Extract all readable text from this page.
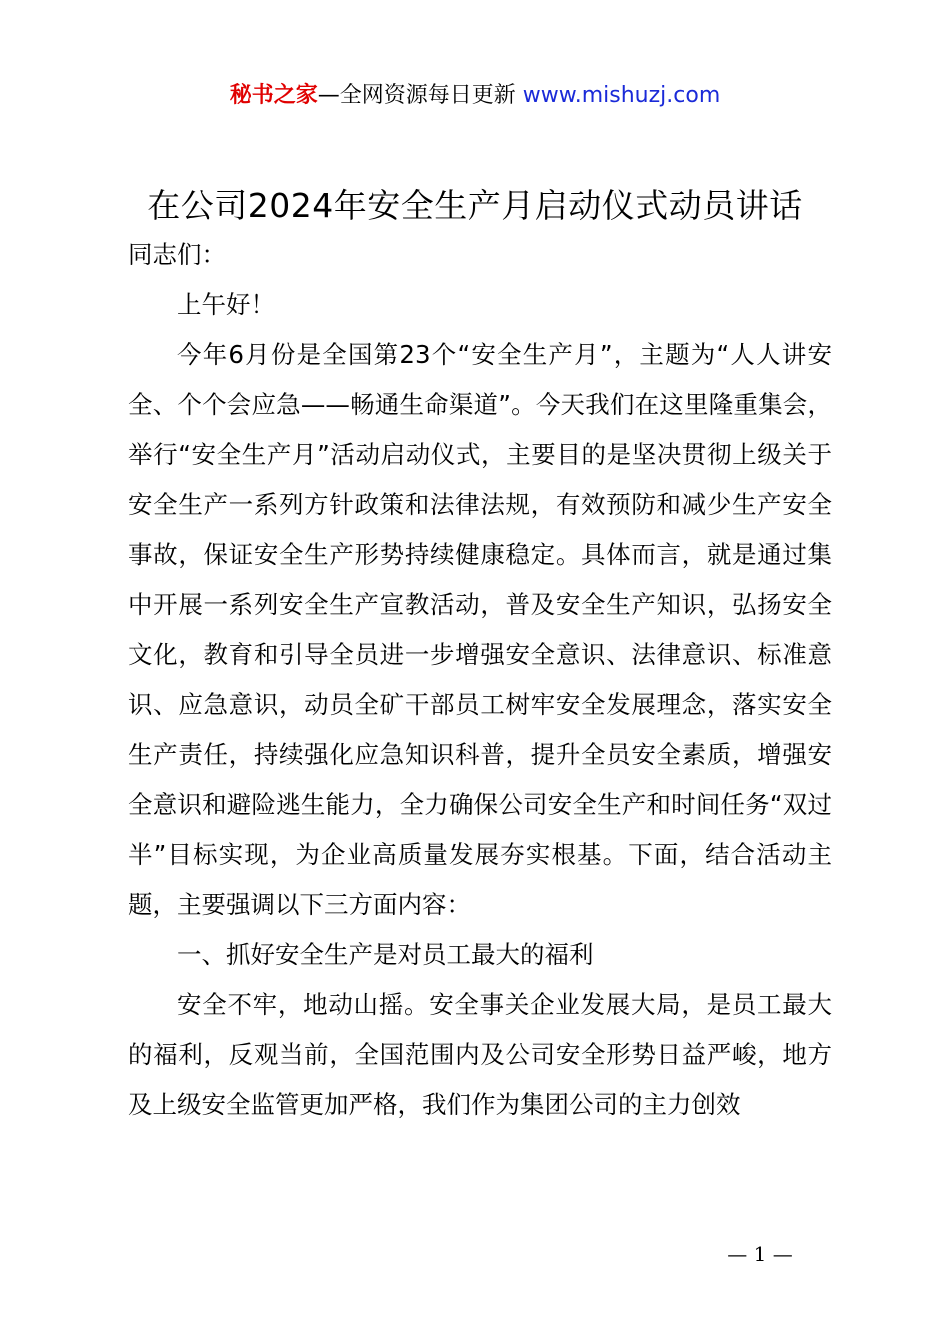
秘书之家—全网资源每日更新 www.mishuzj.com
在公司2024年安全生产月启动仪式动员讲话

同志们：

上午好！

今年6月份是全国第23个“安全生产月”，主题为“人人讲安全、个个会应急——畅通生命渠道”。今天我们在这里隆重集会，举行“安全生产月”活动启动仪式，主要目的是坚决贯彻上级关于安全生产一系列方针政策和法律法规，有效预防和减少生产安全事故，保证安全生产形势持续健康稳定。具体而言，就是通过集中开展一系列安全生产宣教活动，普及安全生产知识，弘扬安全文化，教育和引导全员进一步增强安全意识、法律意识、标准意识、应急意识，动员全矿干部员工树牢安全发展理念，落实安全生产责任，持续强化应急知识科普，提升全员安全素质，增强安全意识和避险逃生能力，全力确保公司安全生产和时间任务“双过半”目标实现，为企业高质量发展夯实根基。下面，结合活动主题，主要强调以下三方面内容：

一、抓好安全生产是对员工最大的福利

安全不牢，地动山摇。安全事关企业发展大局，是员工最大的福利，反观当前，全国范围内及公司安全形势日益严峻，地方及上级安全监管更加严格，我们作为集团公司的主力创效

— 1 —
